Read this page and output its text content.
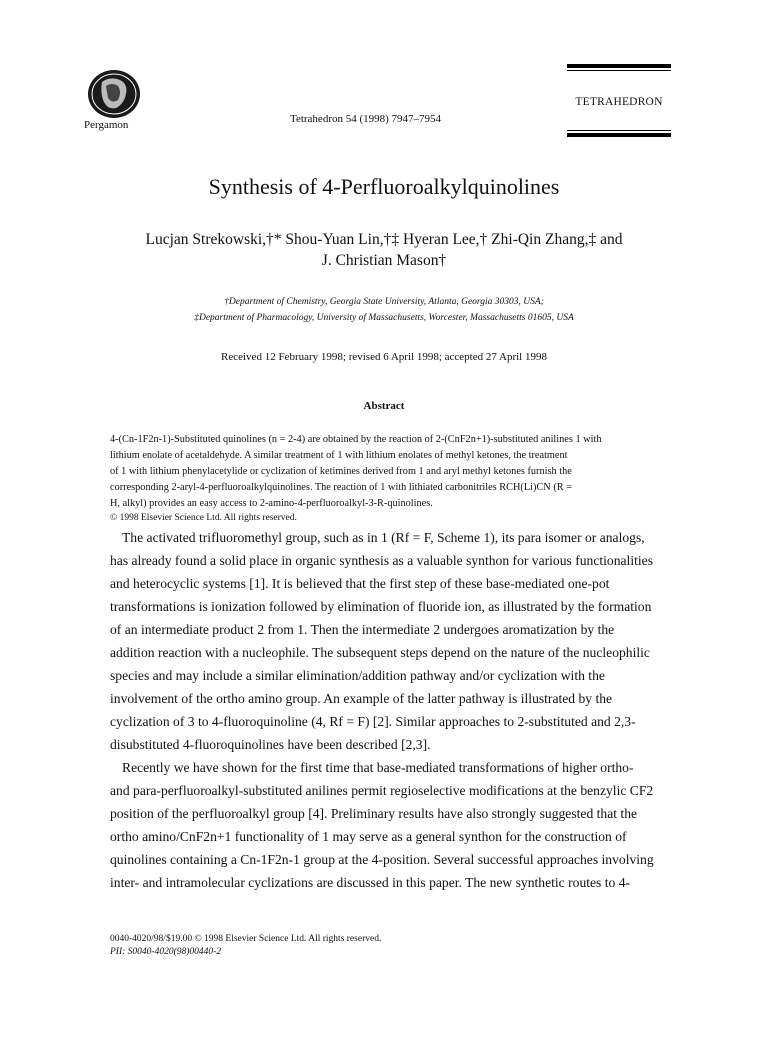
Pergamon
TETRAHEDRON
Tetrahedron 54 (1998) 7947–7954
Synthesis of 4-Perfluoroalkylquinolines
Lucjan Strekowski,†* Shou-Yuan Lin,†‡ Hyeran Lee,† Zhi-Qin Zhang,‡ and
J. Christian Mason†
†Department of Chemistry, Georgia State University, Atlanta, Georgia 30303, USA;
‡Department of Pharmacology, University of Massachusetts, Worcester, Massachusetts 01605, USA
Received 12 February 1998; revised 6 April 1998; accepted 27 April 1998
Abstract
4-(Cn-1F2n-1)-Substituted quinolines (n = 2-4) are obtained by the reaction of 2-(CnF2n+1)-substituted anilines 1 with
lithium enolate of acetaldehyde. A similar treatment of 1 with lithium enolates of methyl ketones, the treatment
of 1 with lithium phenylacetylide or cyclization of ketimines derived from 1 and aryl methyl ketones furnish the
corresponding 2-aryl-4-perfluoroalkylquinolines. The reaction of 1 with lithiated carbonitriles RCH(Li)CN (R =
H, alkyl) provides an easy access to 2-amino-4-perfluoroalkyl-3-R-quinolines.
© 1998 Elsevier Science Ltd. All rights reserved.
The activated trifluoromethyl group, such as in 1 (Rf = F, Scheme 1), its para isomer or analogs,
has already found a solid place in organic synthesis as a valuable synthon for various functionalities
and heterocyclic systems [1]. It is believed that the first step of these base-mediated one-pot
transformations is ionization followed by elimination of fluoride ion, as illustrated by the formation
of an intermediate product 2 from 1. Then the intermediate 2 undergoes aromatization by the
addition reaction with a nucleophile. The subsequent steps depend on the nature of the nucleophilic
species and may include a similar elimination/addition pathway and/or cyclization with the
involvement of the ortho amino group. An example of the latter pathway is illustrated by the
cyclization of 3 to 4-fluoroquinoline (4, Rf = F) [2]. Similar approaches to 2-substituted and 2,3-
disubstituted 4-fluoroquinolines have been described [2,3].
Recently we have shown for the first time that base-mediated transformations of higher ortho-
and para-perfluoroalkyl-substituted anilines permit regioselective modifications at the benzylic CF2
position of the perfluoroalkyl group [4]. Preliminary results have also strongly suggested that the
ortho amino/CnF2n+1 functionality of 1 may serve as a general synthon for the construction of
quinolines containing a Cn-1F2n-1 group at the 4-position. Several successful approaches involving
inter- and intramolecular cyclizations are discussed in this paper. The new synthetic routes to 4-
0040-4020/98/$19.00 © 1998 Elsevier Science Ltd. All rights reserved.
PII: S0040-4020(98)00440-2
